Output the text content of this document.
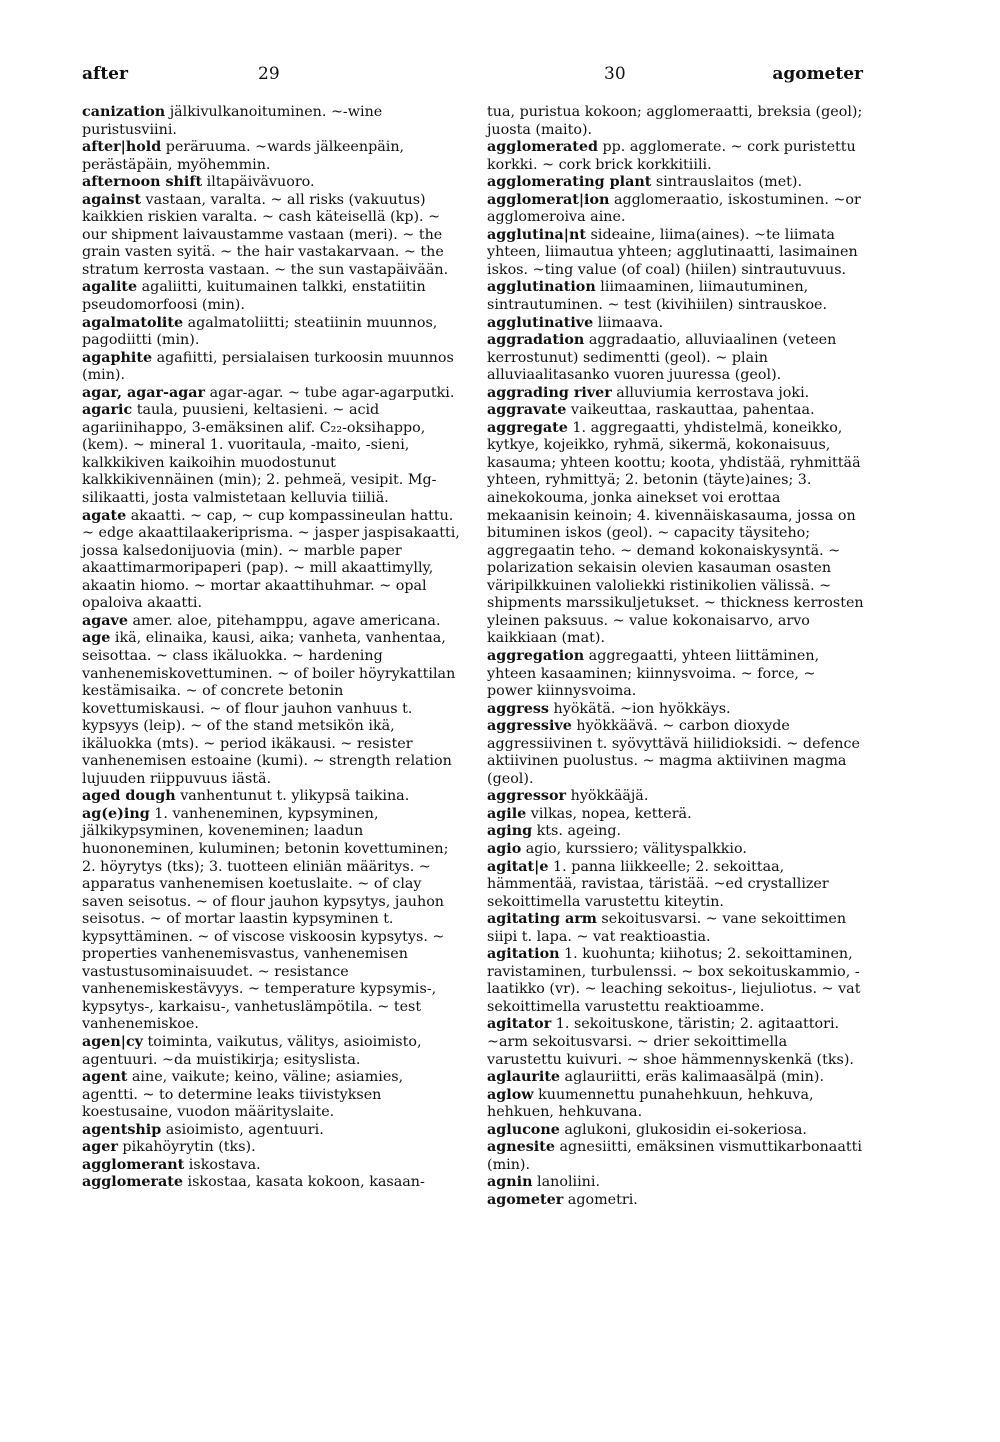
after	29	30	agometer

canization jälkivulkanoituminen. ~-wine puristusviini.

after|hold peräruuma. ~wards jälkeenpäin, perästäpäin, myöhemmin.

afternoon shift iltapäivävuoro.

against vastaan, varalta. ~ all risks (vakuutus) kaikkien riskien varalta. ~ cash käteisellä (kp). ~ our shipment laivaustamme vastaan (meri). ~ the grain vasten syitä. ~ the hair vastakarvaan. ~ the stratum kerrosta vastaan. ~ the sun vastapäivään.

agalite agaliitti, kuitumainen talkki, enstatiitin pseudomorfoosi (min).

agalmatolite agalmatoliitti; steatiinin muunnos, pagodiitti (min).

agaphite agafiitti, persialaisen turkoosin muunnos (min).

agar, agar-agar agar-agar. ~ tube agar-agarputki.

agaric taula, puusieni, keltasieni. ~ acid agariinihappo, 3-emäksinen alif. C₂₂-oksihappo, (kem). ~ mineral 1. vuoritaula, -maito, -sieni, kalkkikiven kaikoihin muodostunut kalkkikivennäinen (min); 2. pehmeä, vesipit. Mg-silikaatti, josta valmistetaan kelluvia tiiliä.

agate akaatti. ~ cap, ~ cup kompassineulan hattu. ~ edge akaattilaakeriprisma. ~ jasper jaspisakaatti, jossa kalsedonijuovia (min). ~ marble paper akaattimarmoripaperi (pap). ~ mill akaattimylly, akaatin hiomo. ~ mortar akaattihuhmar. ~ opal opaloiva akaatti.

agave amer. aloe, pitehamppu, agave americana.

age ikä, elinaika, kausi, aika; vanheta, vanhentaa, seisottaa. ~ class ikäluokka. ~ hardening vanhenemiskovettuminen. ~ of boiler höyrykattilan kestämisaika. ~ of concrete betonin kovettumiskausi. ~ of flour jauhon vanhuus t. kypsyys (leip). ~ of the stand metsikön ikä, ikäluokka (mts). ~ period ikäkausi. ~ resister vanhenemisen estoaine (kumi). ~ strength relation lujuuden riippuvuus iästä.

aged dough vanhentunut t. ylikypsä taikina.

ag(e)ing 1. vanheneminen, kypsyminen, jälkikypsyminen, koveneminen; laadun huononeminen, kuluminen; betonin kovettuminen; 2. höyrytys (tks); 3. tuotteen eliniän määritys. ~ apparatus vanhenemisen koetuslaite. ~ of clay saven seisotus. ~ of flour jauhon kypsytys, jauhon seisotus. ~ of mortar laastin kypsyminen t. kypsyttäminen. ~ of viscose viskoosin kypsytys. ~ properties vanhenemisvastus, vanhenemisen vastustusominaisuudet. ~ resistance vanhenemiskestävyys. ~ temperature kypsymis-, kypsytys-, karkaisu-, vanhetuslämpötila. ~ test vanhenemiskoe.

agen|cy toiminta, vaikutus, välitys, asioimisto, agentuuri. ~da muistikirja; esityslista.

agent aine, vaikute; keino, väline; asiamies, agentti. ~ to determine leaks tiivistyksen koestusaine, vuodon määrityslaite.

agentship asioimisto, agentuuri.

ager pikahöyrytin (tks).

agglomerant iskostava.

agglomerate iskostaa, kasata kokoon, kasaan-

tua, puristua kokoon; agglomeraatti, breksia (geol); juosta (maito).

agglomerated pp. agglomerate. ~ cork puristettu korkki. ~ cork brick korkkitiili.

agglomerating plant sintrauslaitos (met).

agglomerat|ion agglomeraatio, iskostuminen. ~or agglomeroiva aine.

agglutina|nt sideaine, liima(aines). ~te liimata yhteen, liimautua yhteen; agglutinaatti, lasimainen iskos. ~ting value (of coal) (hiilen) sintrautuvuus.

agglutination liimaaminen, liimautuminen, sintrautuminen. ~ test (kivihiilen) sintrauskoe.

agglutinative liimaava.

aggradation aggradaatio, alluviaalinen (veteen kerrostunut) sedimentti (geol). ~ plain alluviaalitasanko vuoren juuressa (geol).

aggrading river alluviumia kerrostava joki.

aggravate vaikeuttaa, raskauttaa, pahentaa.

aggregate 1. aggregaatti, yhdistelmä, koneikko, kytkye, kojeikko, ryhmä, sikermä, kokonaisuus, kasauma; yhteen koottu; koota, yhdistää, ryhmittää yhteen, ryhmittyä; 2. betonin (täyte)aines; 3. ainekokouma, jonka ainekset voi erottaa mekaanisin keinoin; 4. kivennäiskasauma, jossa on bituminen iskos (geol). ~ capacity täysiteho; aggregaatin teho. ~ demand kokonaiskysyntä. ~ polarization sekaisin olevien kasauman osasten väripilkkuinen valoliekki ristinikolien välissä. ~ shipments marssikuljetukset. ~ thickness kerrosten yleinen paksuus. ~ value kokonaisarvo, arvo kaikkiaan (mat).

aggregation aggregaatti, yhteen liittäminen, yhteen kasaaminen; kiinnysvoima. ~ force, ~ power kiinnysvoima.

aggress hyökätä. ~ion hyökkäys.

aggressive hyökkäävä. ~ carbon dioxyde aggressiivinen t. syövyttävä hiilidioksidi. ~ defence aktiivinen puolustus. ~ magma aktiivinen magma (geol).

aggressor hyökkääjä.

agile vilkas, nopea, ketterä.

aging kts. ageing.

agio agio, kurssiero; välityspalkkio.

agitat|e 1. panna liikkeelle; 2. sekoittaa, hämmentää, ravistaa, täristää. ~ed crystallizer sekoittimella varustettu kiteytin.

agitating arm sekoitusvarsi. ~ vane sekoittimen siipi t. lapa. ~ vat reaktioastia.

agitation 1. kuohunta; kiihotus; 2. sekoittaminen, ravistaminen, turbulenssi. ~ box sekoituskammio, -laatikko (vr). ~ leaching sekoitus-, liejuliotus. ~ vat sekoittimella varustettu reaktioamme.

agitator 1. sekoituskone, täristin; 2. agitaattori. ~arm sekoitusvarsi. ~ drier sekoittimella varustettu kuivuri. ~ shoe hämmennyskenkä (tks).

aglaurite aglauriitti, eräs kalimaasälpä (min).

aglow kuumennettu punahehkuun, hehkuva, hehkuen, hehkuvana.

aglucone aglukoni, glukosidin ei-sokeriosa.

agnesite agnesiitti, emäksinen vismuttikarbonaatti (min).

agnin lanoliini.

agometer agometri.
